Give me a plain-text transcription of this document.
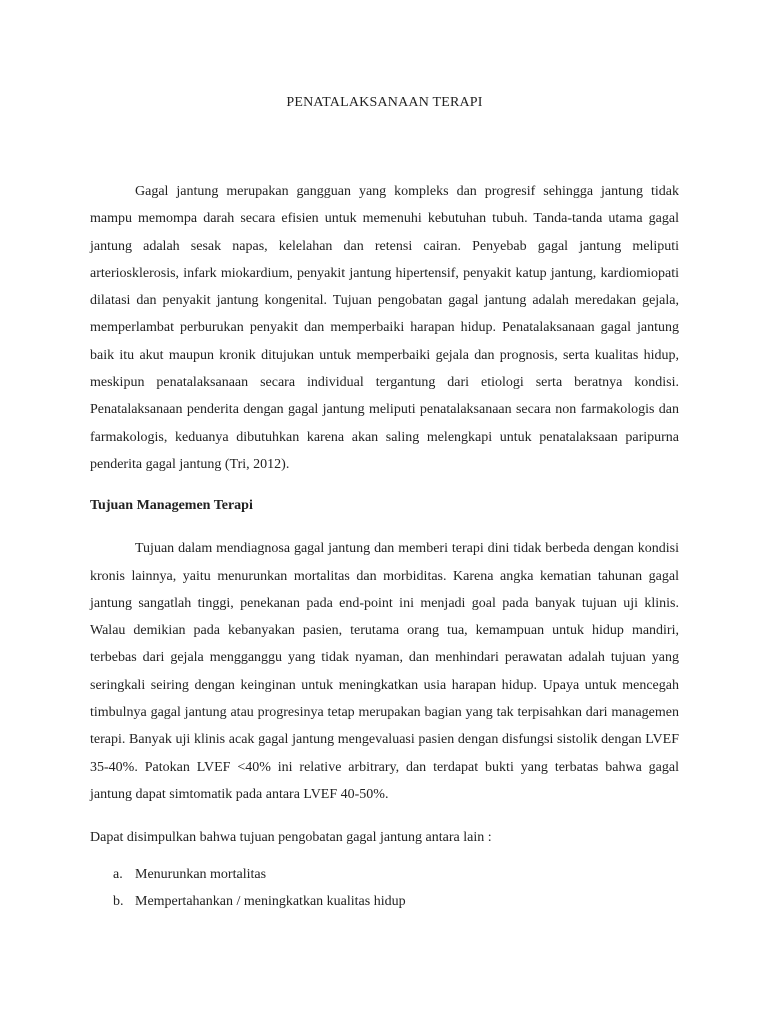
PENATALAKSANAAN TERAPI

Gagal jantung merupakan gangguan yang kompleks dan progresif sehingga jantung tidak mampu memompa darah secara efisien untuk memenuhi kebutuhan tubuh. Tanda-tanda utama gagal jantung adalah sesak napas, kelelahan dan retensi cairan. Penyebab gagal jantung meliputi arteriosklerosis, infark miokardium, penyakit jantung hipertensif, penyakit katup jantung, kardiomiopati dilatasi dan penyakit jantung kongenital. Tujuan pengobatan gagal jantung adalah meredakan gejala, memperlambat perburukan penyakit dan memperbaiki harapan hidup. Penatalaksanaan gagal jantung baik itu akut maupun kronik ditujukan untuk memperbaiki gejala dan prognosis, serta kualitas hidup, meskipun penatalaksanaan secara individual tergantung dari etiologi serta beratnya kondisi. Penatalaksanaan penderita dengan gagal jantung meliputi penatalaksanaan secara non farmakologis dan farmakologis, keduanya dibutuhkan karena akan saling melengkapi untuk penatalaksaan paripurna penderita gagal jantung (Tri, 2012).

Tujuan Managemen Terapi

Tujuan dalam mendiagnosa gagal jantung dan memberi terapi dini tidak berbeda dengan kondisi kronis lainnya, yaitu menurunkan mortalitas dan morbiditas. Karena angka kematian tahunan gagal jantung sangatlah tinggi, penekanan pada end-point ini menjadi goal pada banyak tujuan uji klinis. Walau demikian pada kebanyakan pasien, terutama orang tua, kemampuan untuk hidup mandiri, terbebas dari gejala mengganggu yang tidak nyaman, dan menhindari perawatan adalah tujuan yang seringkali seiring dengan keinginan untuk meningkatkan usia harapan hidup. Upaya untuk mencegah timbulnya gagal jantung atau progresinya tetap merupakan bagian yang tak terpisahkan dari managemen terapi. Banyak uji klinis acak gagal jantung mengevaluasi pasien dengan disfungsi sistolik dengan LVEF 35-40%. Patokan LVEF <40% ini relative arbitrary, dan terdapat bukti yang terbatas bahwa gagal jantung dapat simtomatik pada antara LVEF 40-50%.

Dapat disimpulkan bahwa tujuan pengobatan gagal jantung antara lain :

a. Menurunkan mortalitas
b. Mempertahankan / meningkatkan kualitas hidup
